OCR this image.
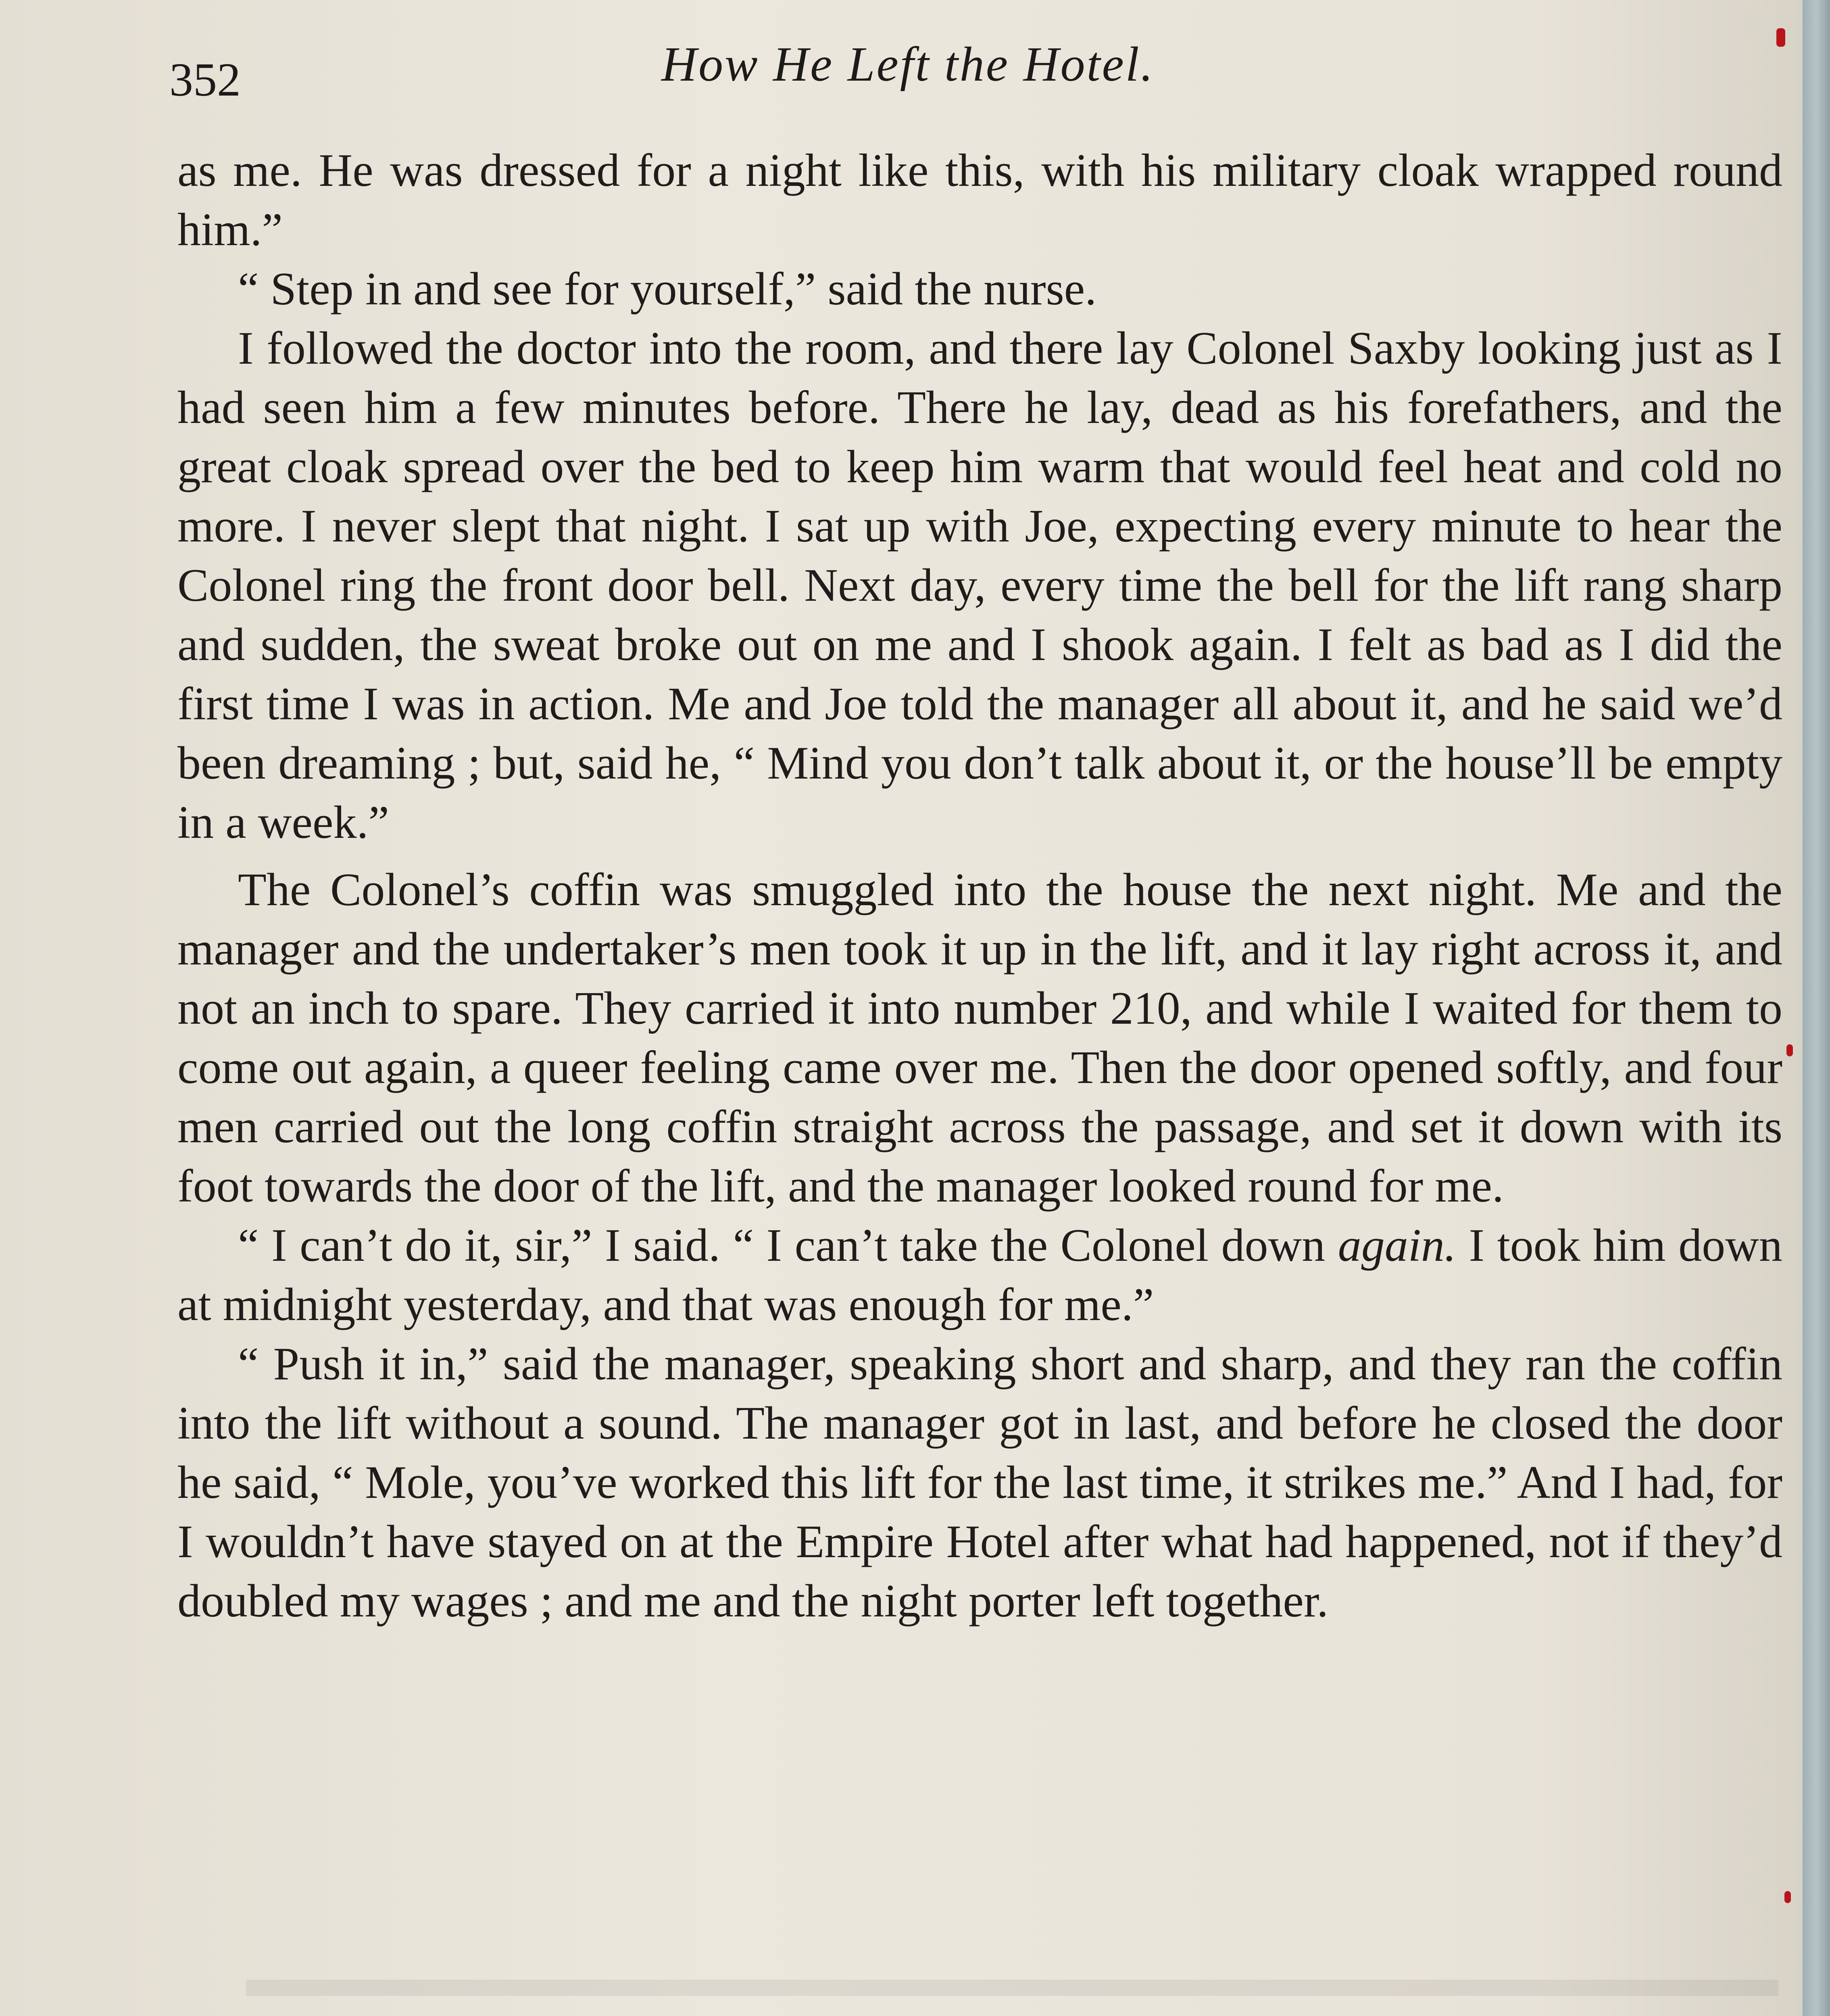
352	How He Left the Hotel.

as me. He was dressed for a night like this, with his military cloak wrapped round him.”

“ Step in and see for yourself,” said the nurse.

I followed the doctor into the room, and there lay Colonel Saxby looking just as I had seen him a few minutes before. There he lay, dead as his forefathers, and the great cloak spread over the bed to keep him warm that would feel heat and cold no more. I never slept that night. I sat up with Joe, expecting every minute to hear the Colonel ring the front door bell. Next day, every time the bell for the lift rang sharp and sudden, the sweat broke out on me and I shook again. I felt as bad as I did the first time I was in action. Me and Joe told the manager all about it, and he said we’d been dreaming ; but, said he, “ Mind you don’t talk about it, or the house’ll be empty in a week.”

The Colonel’s coffin was smuggled into the house the next night. Me and the manager and the undertaker’s men took it up in the lift, and it lay right across it, and not an inch to spare. They carried it into number 210, and while I waited for them to come out again, a queer feeling came over me. Then the door opened softly, and four men carried out the long coffin straight across the passage, and set it down with its foot towards the door of the lift, and the manager looked round for me.

“ I can’t do it, sir,” I said. “ I can’t take the Colonel down again. I took him down at midnight yesterday, and that was enough for me.”

“ Push it in,” said the manager, speaking short and sharp, and they ran the coffin into the lift without a sound. The manager got in last, and before he closed the door he said, “ Mole, you’ve worked this lift for the last time, it strikes me.” And I had, for I wouldn’t have stayed on at the Empire Hotel after what had happened, not if they’d doubled my wages ; and me and the night porter left together.
